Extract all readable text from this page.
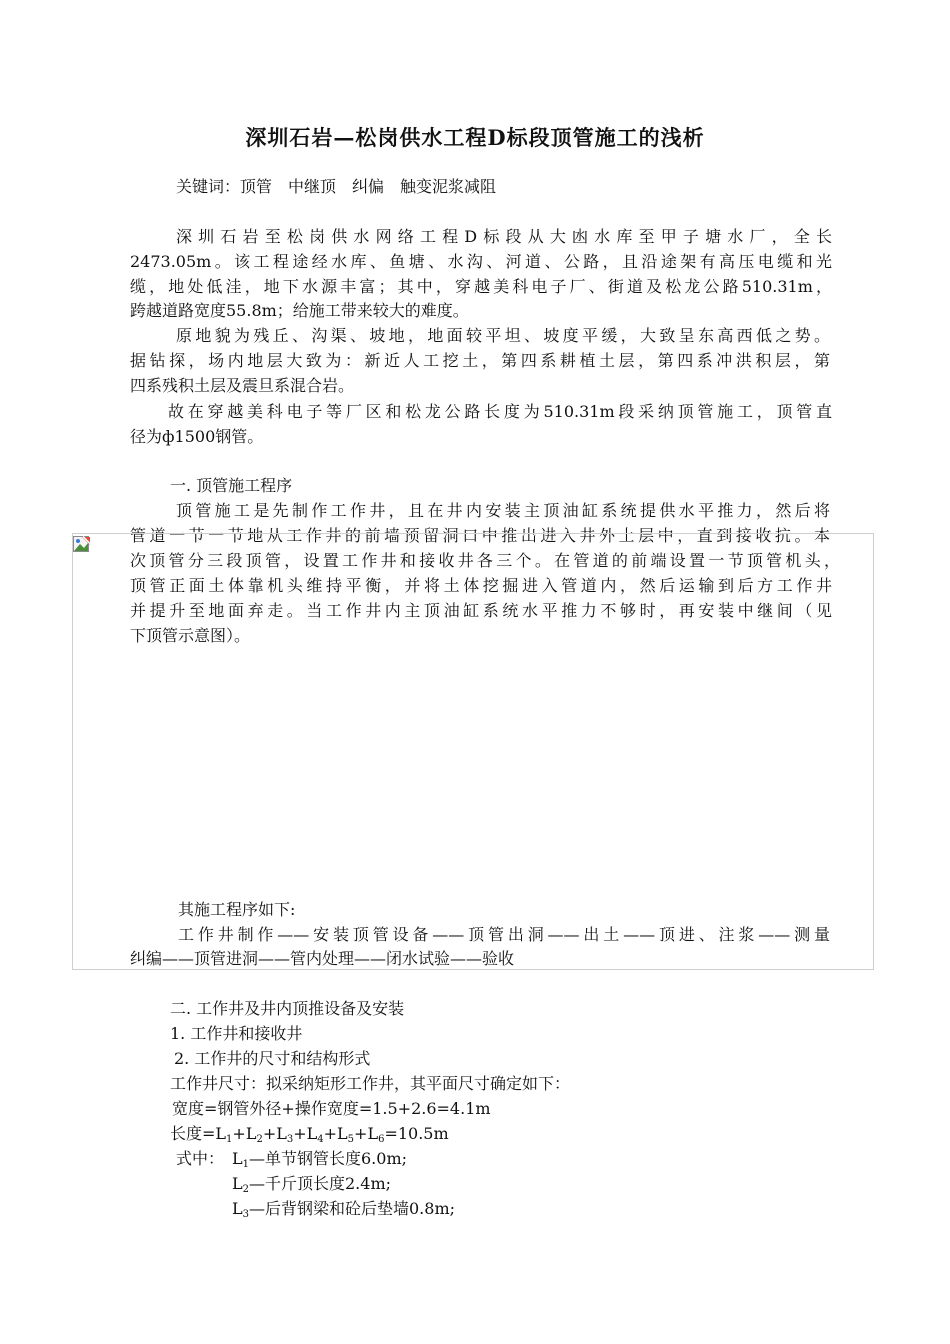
深圳石岩—松岗供水工程D标段顶管施工的浅析
关键词：顶管　中继顶　纠偏　触变泥浆减阻
深圳石岩至松岗供水网络工程D标段从大凼水库至甲子塘水厂，全长
2473.05m。该工程途经水库、鱼塘、水沟、河道、公路，且沿途架有高压电缆和光
缆，地处低洼，地下水源丰富；其中，穿越美科电子厂、街道及松龙公路510.31m，
跨越道路宽度55.8m；给施工带来较大的难度。
原地貌为残丘、沟渠、坡地，地面较平坦、坡度平缓，大致呈东高西低之势。
据钻探，场内地层大致为：新近人工挖土，第四系耕植土层，第四系冲洪积层，第
四系残积土层及震旦系混合岩。
故在穿越美科电子等厂区和松龙公路长度为510.31m段采纳顶管施工，顶管直
径为ф1500钢管。
一. 顶管施工程序
顶管施工是先制作工作井，且在井内安装主顶油缸系统提供水平推力，然后将
管道一节一节地从工作井的前墙预留洞口中推出进入井外土层中，直到接收抗。本
次顶管分三段顶管，设置工作井和接收井各三个。在管道的前端设置一节顶管机头，
顶管正面土体靠机头维持平衡，并将土体挖掘进入管道内，然后运输到后方工作井
并提升至地面弃走。当工作井内主顶油缸系统水平推力不够时，再安装中继间（见
下顶管示意图）。
其施工程序如下:
工作井制作——安装顶管设备——顶管出洞——出土——顶进、注浆——测量
纠编——顶管进洞——管内处理——闭水试验——验收
二. 工作井及井内顶推设备及安装
1. 工作井和接收井
2. 工作井的尺寸和结构形式
工作井尺寸：拟采纳矩形工作井，其平面尺寸确定如下：
宽度=钢管外径+操作宽度=1.5+2.6=4.1m
长度$=L_1+L_2+L_3+L_4+L_5+L_6=10.5m$
式中： $L_1—$单节钢管长度6.0m;
$L_2—$千斤顶长度2.4m;
$L_3—$后背钢梁和砼后垫墙0.8m;
